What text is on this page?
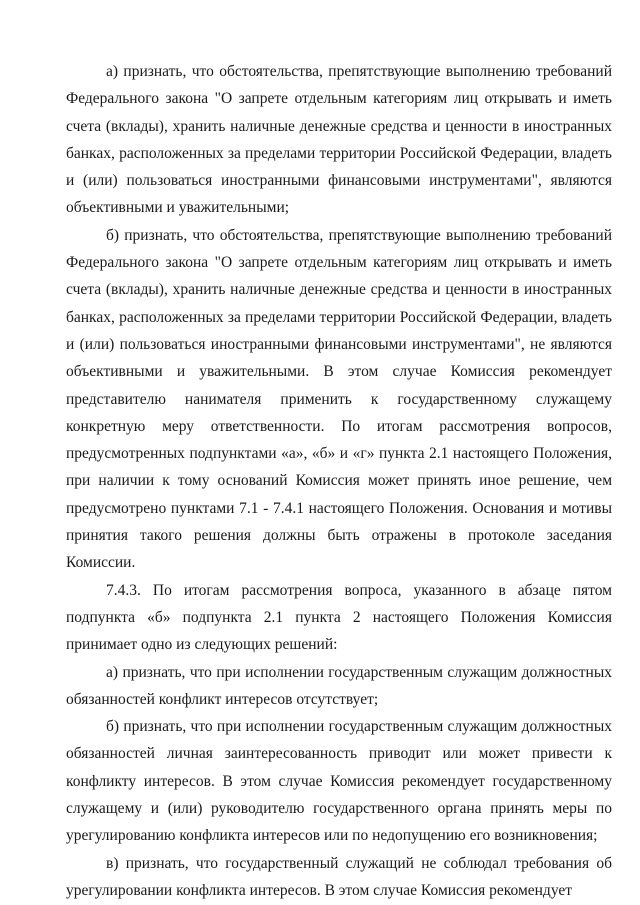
а) признать, что обстоятельства, препятствующие выполнению требований Федерального закона "О запрете отдельным категориям лиц открывать и иметь счета (вклады), хранить наличные денежные средства и ценности в иностранных банках, расположенных за пределами территории Российской Федерации, владеть и (или) пользоваться иностранными финансовыми инструментами", являются объективными и уважительными;

б) признать, что обстоятельства, препятствующие выполнению требований Федерального закона "О запрете отдельным категориям лиц открывать и иметь счета (вклады), хранить наличные денежные средства и ценности в иностранных банках, расположенных за пределами территории Российской Федерации, владеть и (или) пользоваться иностранными финансовыми инструментами", не являются объективными и уважительными. В этом случае Комиссия рекомендует представителю нанимателя применить к государственному служащему конкретную меру ответственности. По итогам рассмотрения вопросов, предусмотренных подпунктами «а», «б» и «г» пункта 2.1 настоящего Положения, при наличии к тому оснований Комиссия может принять иное решение, чем предусмотрено пунктами 7.1 - 7.4.1 настоящего Положения. Основания и мотивы принятия такого решения должны быть отражены в протоколе заседания Комиссии.

7.4.3. По итогам рассмотрения вопроса, указанного в абзаце пятом подпункта «б» подпункта 2.1 пункта 2 настоящего Положения Комиссия принимает одно из следующих решений:

а) признать, что при исполнении государственным служащим должностных обязанностей конфликт интересов отсутствует;

б) признать, что при исполнении государственным служащим должностных обязанностей личная заинтересованность приводит или может привести к конфликту интересов. В этом случае Комиссия рекомендует государственному служащему и (или) руководителю государственного органа принять меры по урегулированию конфликта интересов или по недопущению его возникновения;

в) признать, что государственный служащий не соблюдал требования об урегулировании конфликта интересов. В этом случае Комиссия рекомендует
